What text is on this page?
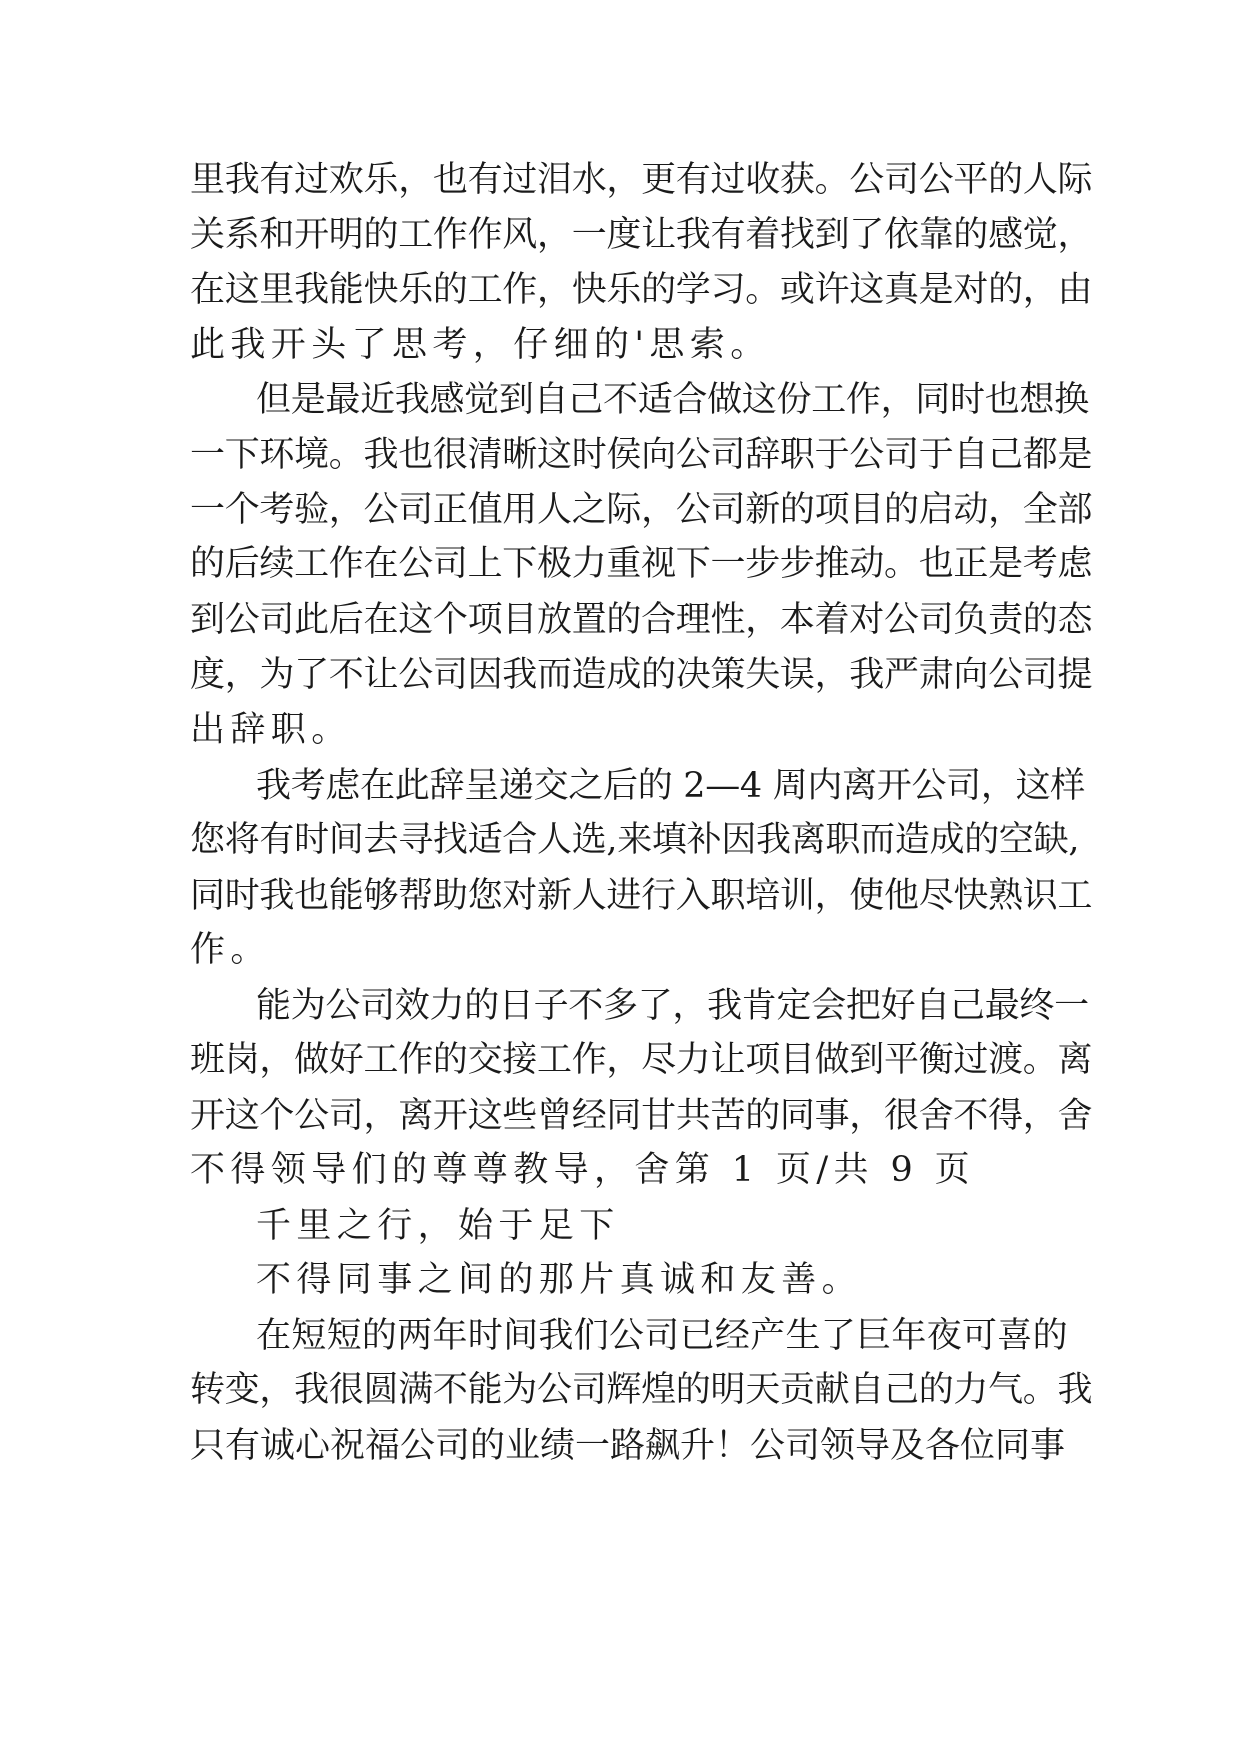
里我有过欢乐，也有过泪水，更有过收获。公司公平的人际
关系和开明的工作作风，一度让我有着找到了依靠的感觉，
在这里我能快乐的工作，快乐的学习。或许这真是对的，由
此我开头了思考，仔细的'思索。
但是最近我感觉到自己不适合做这份工作，同时也想换
一下环境。我也很清晰这时侯向公司辞职于公司于自己都是
一个考验，公司正值用人之际，公司新的项目的启动，全部
的后续工作在公司上下极力重视下一步步推动。也正是考虑
到公司此后在这个项目放置的合理性，本着对公司负责的态
度，为了不让公司因我而造成的决策失误，我严肃向公司提
出辞职。
我考虑在此辞呈递交之后的 2—4 周内离开公司，这样
您将有时间去寻找适合人选,来填补因我离职而造成的空缺,
同时我也能够帮助您对新人进行入职培训，使他尽快熟识工
作。
能为公司效力的日子不多了，我肯定会把好自己最终一
班岗，做好工作的交接工作，尽力让项目做到平衡过渡。离
开这个公司，离开这些曾经同甘共苦的同事，很舍不得，舍
不得领导们的尊尊教导，舍第 1 页/共 9 页
千里之行，始于足下
不得同事之间的那片真诚和友善。
在短短的两年时间我们公司已经产生了巨年夜可喜的
转变，我很圆满不能为公司辉煌的明天贡献自己的力气。我
只有诚心祝福公司的业绩一路飙升！公司领导及各位同事
